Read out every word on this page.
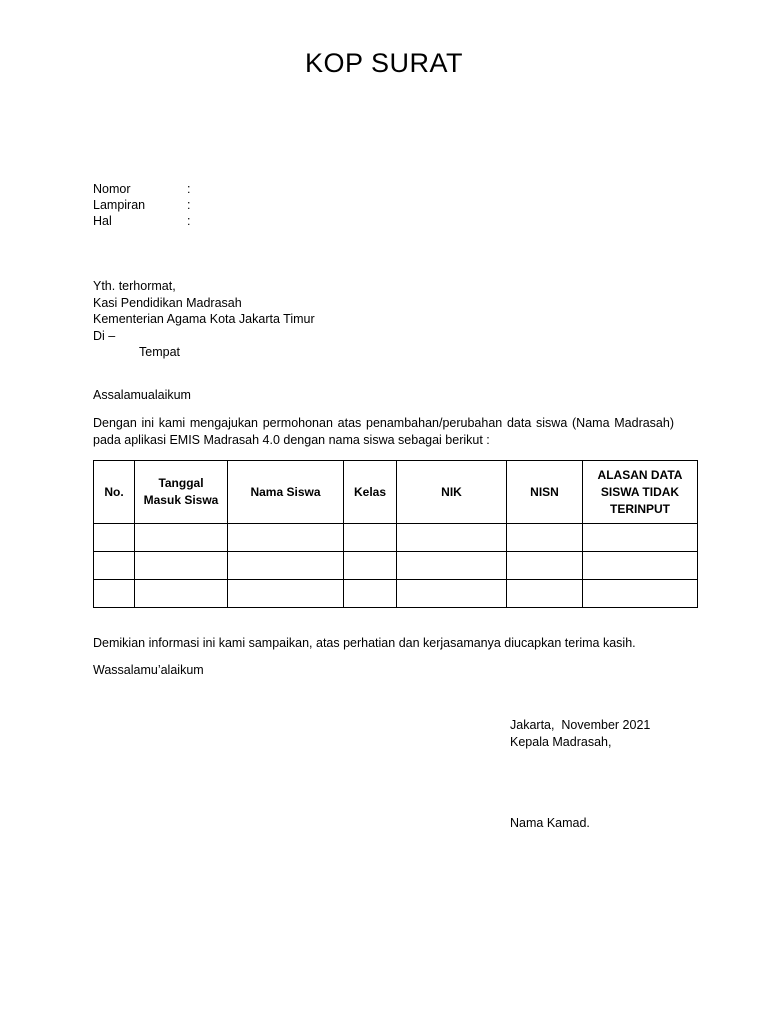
KOP SURAT
Nomor	:
Lampiran	:
Hal	:
Yth. terhormat,
Kasi Pendidikan Madrasah
Kementerian Agama Kota Jakarta Timur
Di –
Tempat
Assalamualaikum
Dengan ini kami mengajukan permohonan atas penambahan/perubahan data siswa (Nama Madrasah) pada aplikasi EMIS Madrasah 4.0 dengan nama siswa sebagai berikut :
No.	Tanggal Masuk Siswa	Nama Siswa	Kelas	NIK	NISN	ALASAN DATA SISWA TIDAK TERINPUT

Demikian informasi ini kami sampaikan, atas perhatian dan kerjasamanya diucapkan terima kasih.
Wassalamu’alaikum
Jakarta,  November 2021
Kepala Madrasah,
Nama Kamad.
